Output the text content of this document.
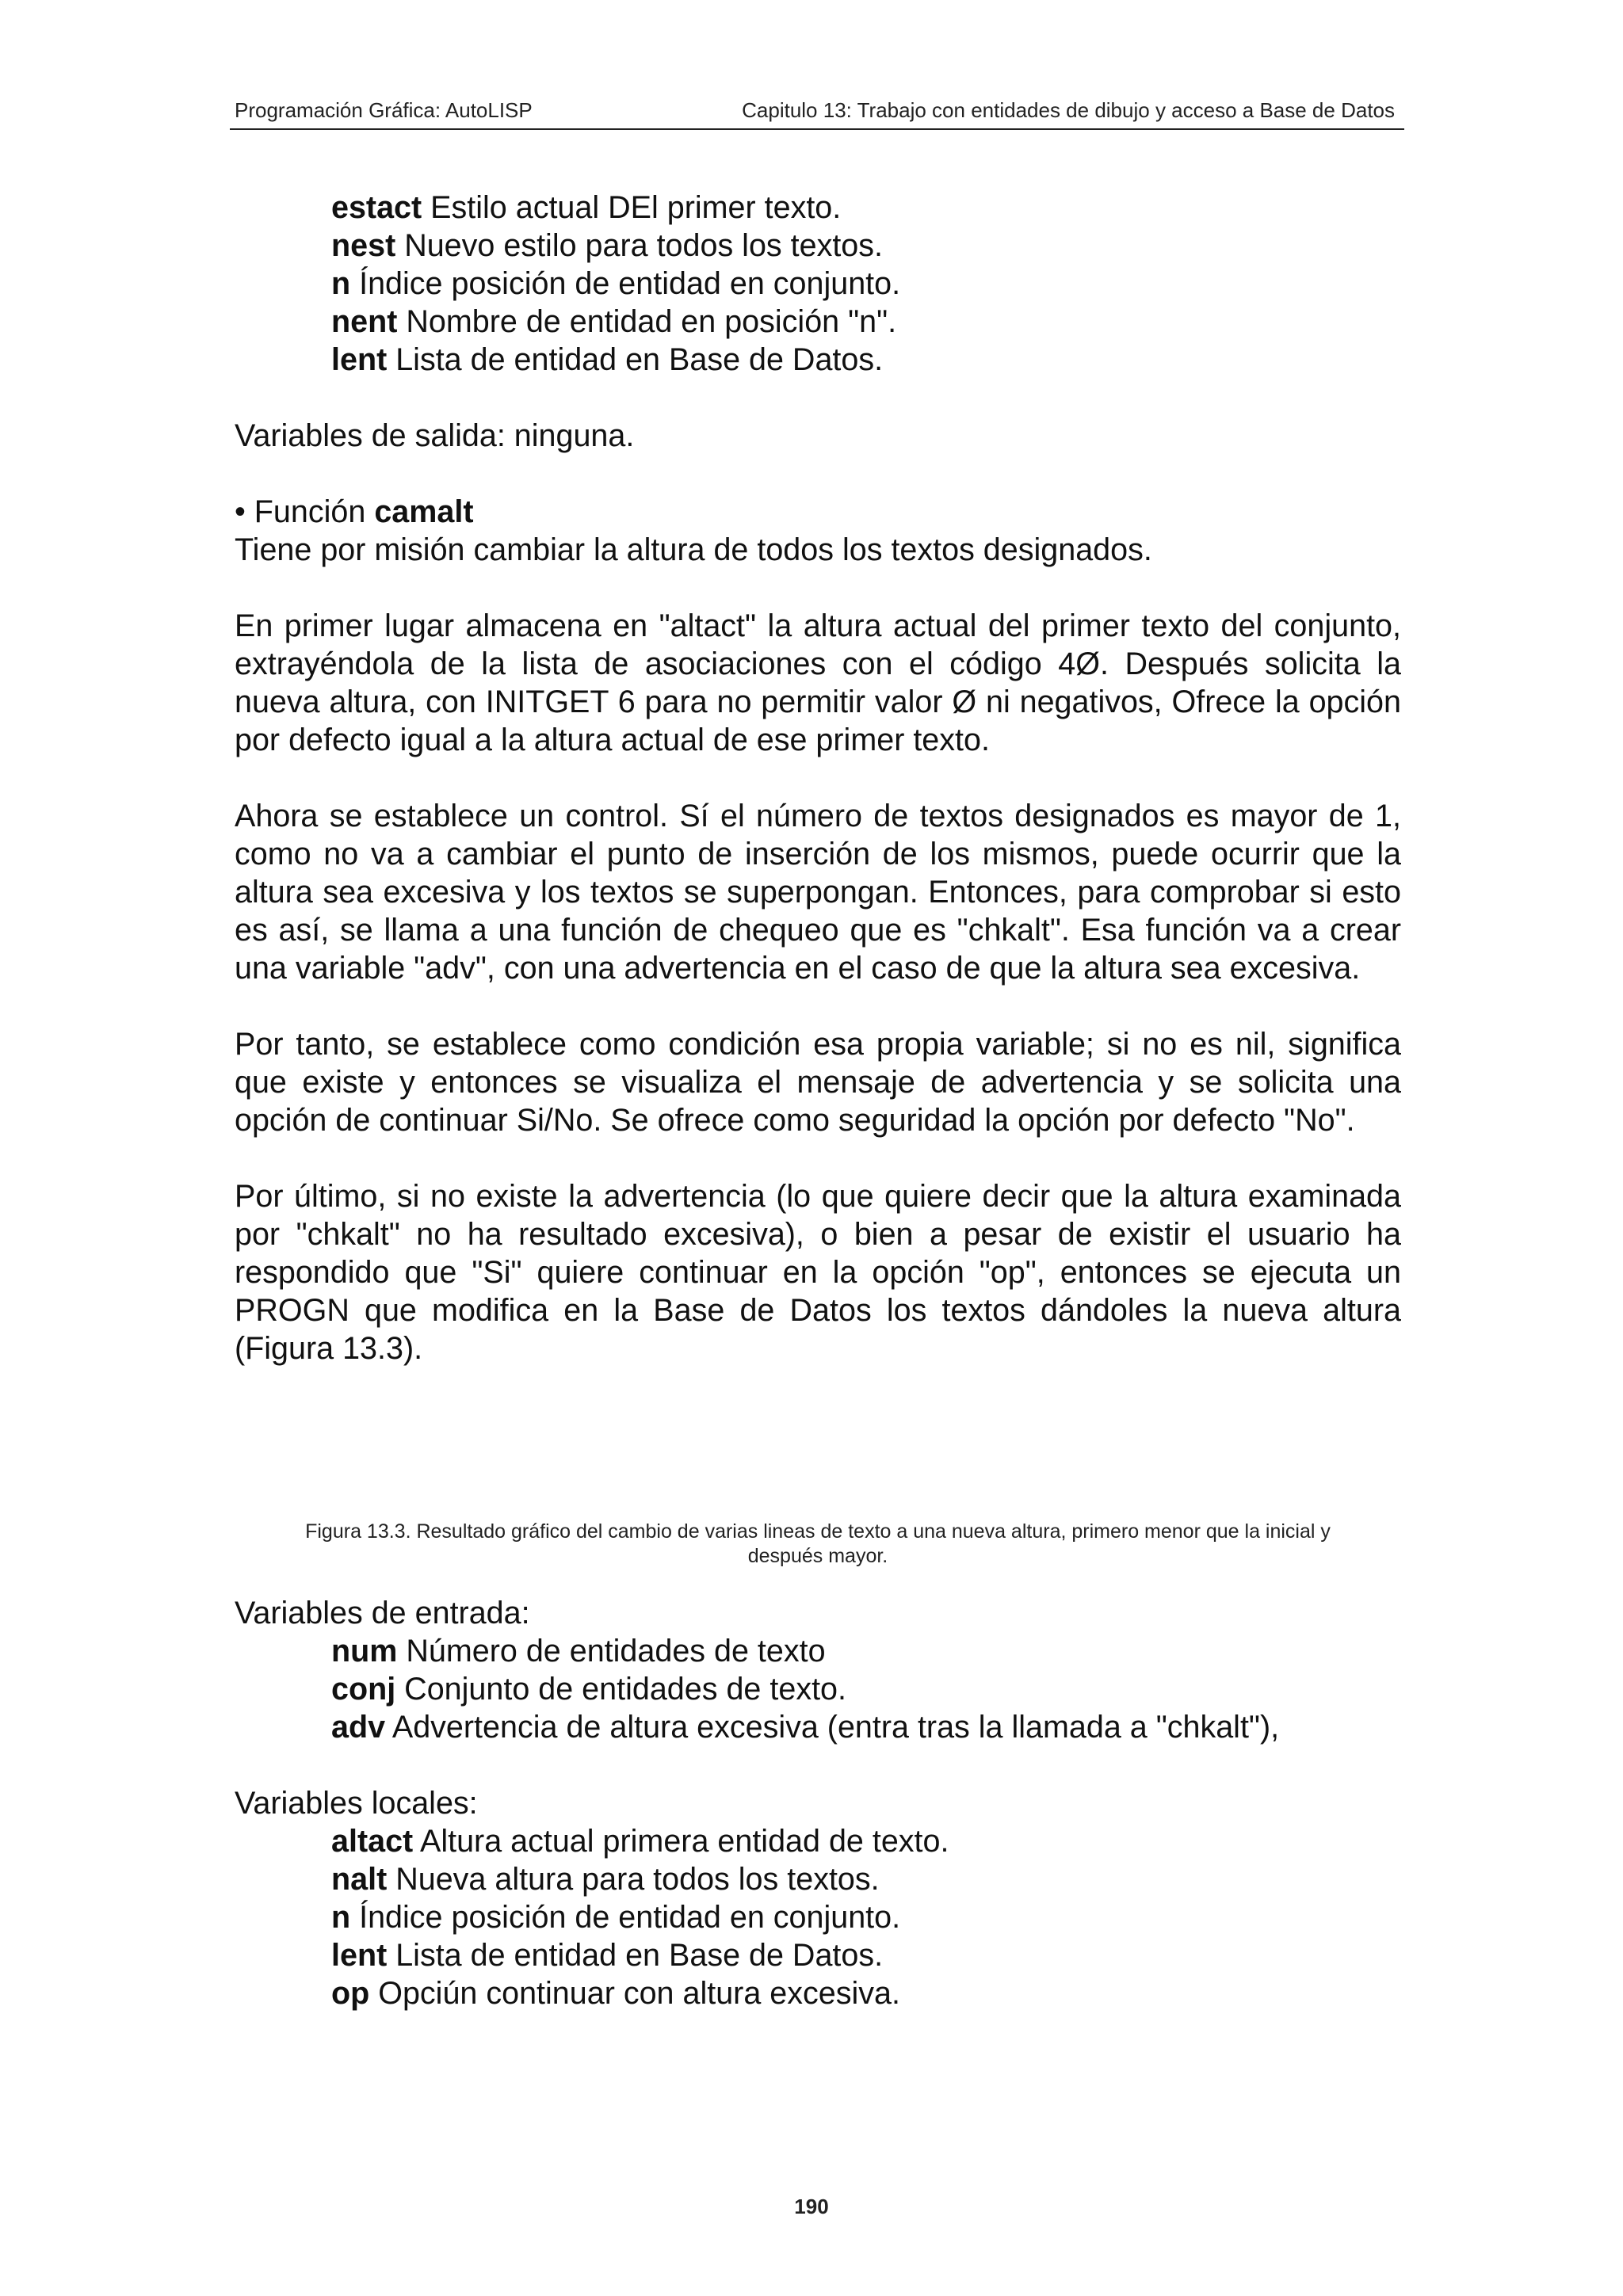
Programación Gráfica: AutoLISP	Capitulo 13: Trabajo con entidades de dibujo y acceso a Base de Datos
estact Estilo actual DEl primer texto.
nest Nuevo estilo para todos los textos.
n Índice posición de entidad en conjunto.
nent Nombre de entidad en posición "n".
lent Lista de entidad en Base de Datos.
Variables de salida: ninguna.
• Función camalt
Tiene por misión cambiar la altura de todos los textos designados.
En primer lugar almacena en "altact" la altura actual del primer texto del conjunto, extrayéndola de la lista de asociaciones con el código 4Ø. Después solicita la nueva altura, con INITGET 6 para no permitir valor Ø ni negativos, Ofrece la opción por defecto igual a la altura actual de ese primer texto.
Ahora se establece un control. Sí el número de textos designados es mayor de 1, como no va a cambiar el punto de inserción de los mismos, puede ocurrir que la altura sea excesiva y los textos se superpongan. Entonces, para comprobar si esto es así, se llama a una función de chequeo que es "chkalt". Esa función va a crear una variable "adv", con una advertencia en el caso de que la altura sea excesiva.
Por tanto, se establece como condición esa propia variable; si no es nil, significa que existe y entonces se visualiza el mensaje de advertencia y se solicita una opción de continuar Si/No. Se ofrece como seguridad la opción por defecto "No".
Por último, si no existe la advertencia (lo que quiere decir que la altura examinada por "chkalt" no ha resultado excesiva), o bien a pesar de existir el usuario ha respondido que "Si" quiere continuar en la opción "op", entonces se ejecuta un PROGN que modifica en la Base de Datos los textos dándoles la nueva altura (Figura 13.3).
Figura 13.3. Resultado gráfico del cambio de varias lineas de texto a una nueva altura, primero menor que la inicial y
después mayor.
Variables de entrada:
num Número de entidades de texto
conj Conjunto de entidades de texto.
adv Advertencia de altura excesiva (entra tras la llamada a "chkalt"),
Variables locales:
altact Altura actual primera entidad de texto.
nalt Nueva altura para todos los textos.
n Índice posición de entidad en conjunto.
lent Lista de entidad en Base de Datos.
op Opciún continuar con altura excesiva.
190
